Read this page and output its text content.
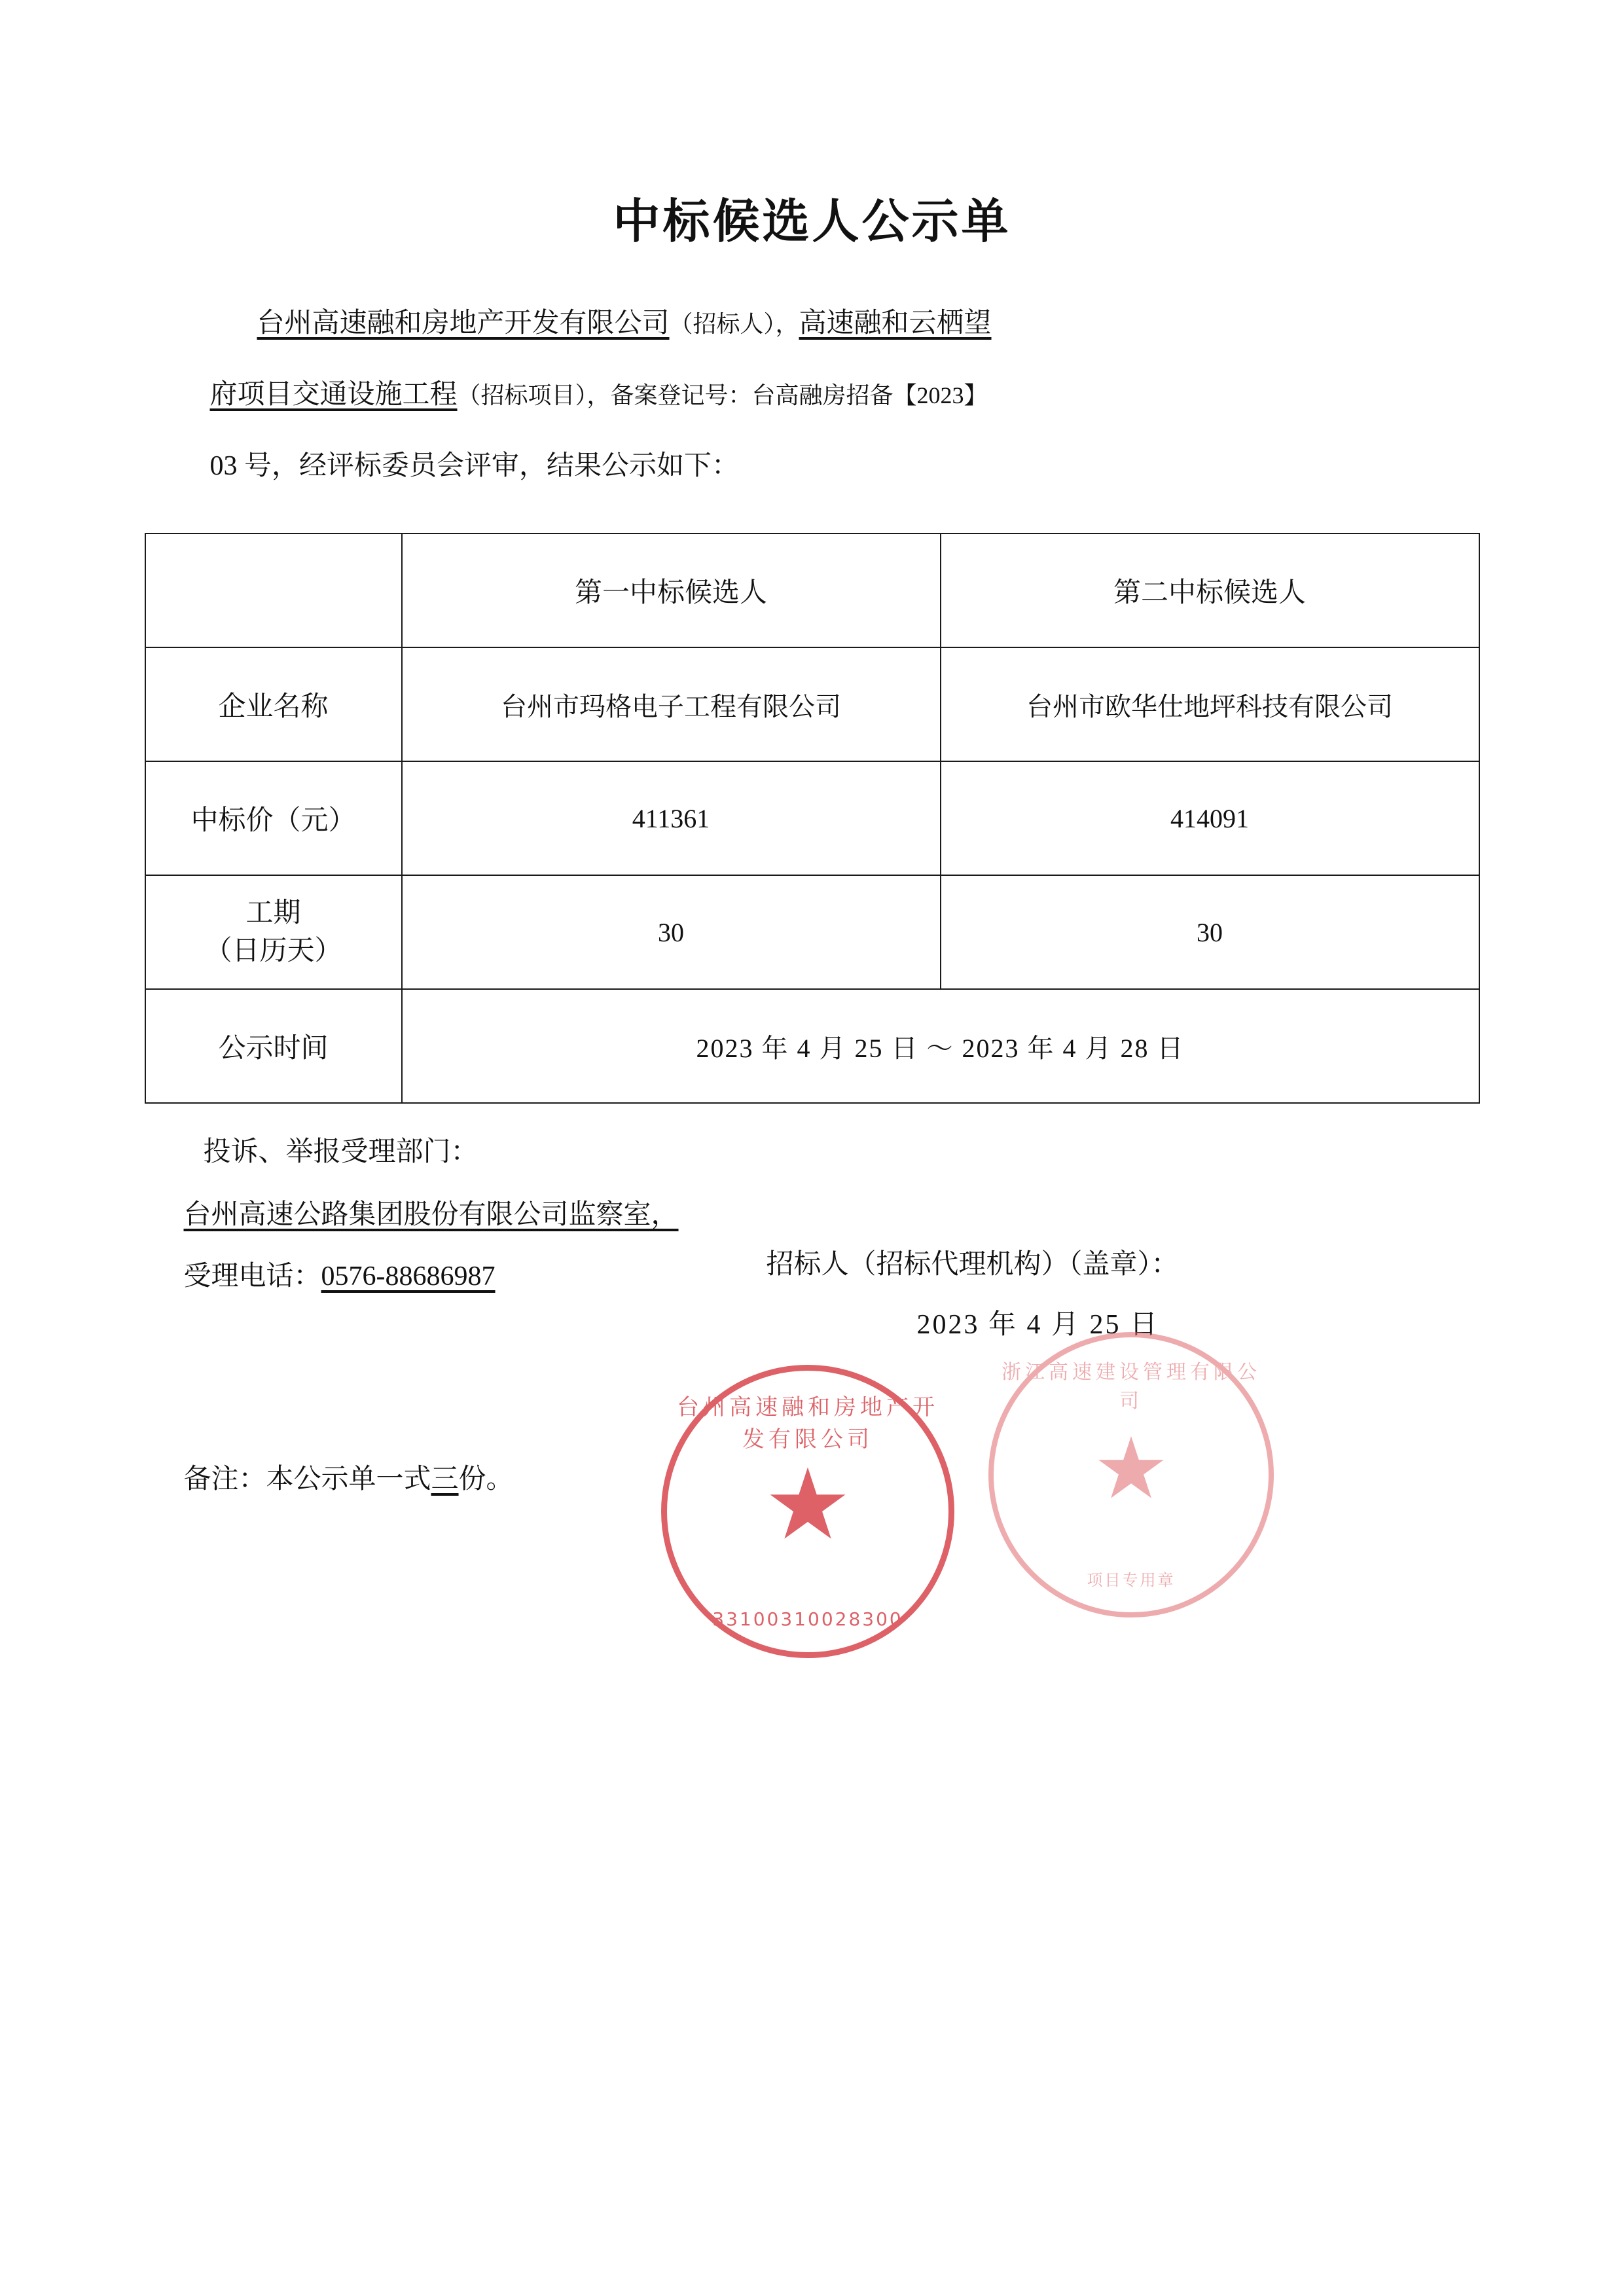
中标候选人公示单
台州高速融和房地产开发有限公司（招标人），高速融和云栖望
府项目交通设施工程（招标项目），备案登记号：台高融房招备【2023】
03 号，经评标委员会评审，结果公示如下：
	第一中标候选人	第二中标候选人
企业名称	台州市玛格电子工程有限公司	台州市欧华仕地坪科技有限公司
中标价（元）	411361	414091

工期
（日历天）	30	30
公示时间	2023 年 4 月 25 日 ～ 2023 年 4 月 28 日	
投诉、举报受理部门：
台州高速公路集团股份有限公司监察室，
受理电话：0576-88686987	招标人（招标代理机构）（盖章）：
2023 年 4 月 25 日
备注：本公示单一式三份。
浙江高速建设管理有限公司
★
项目专用章
台州高速融和房地产开发有限公司
★
33100310028300
